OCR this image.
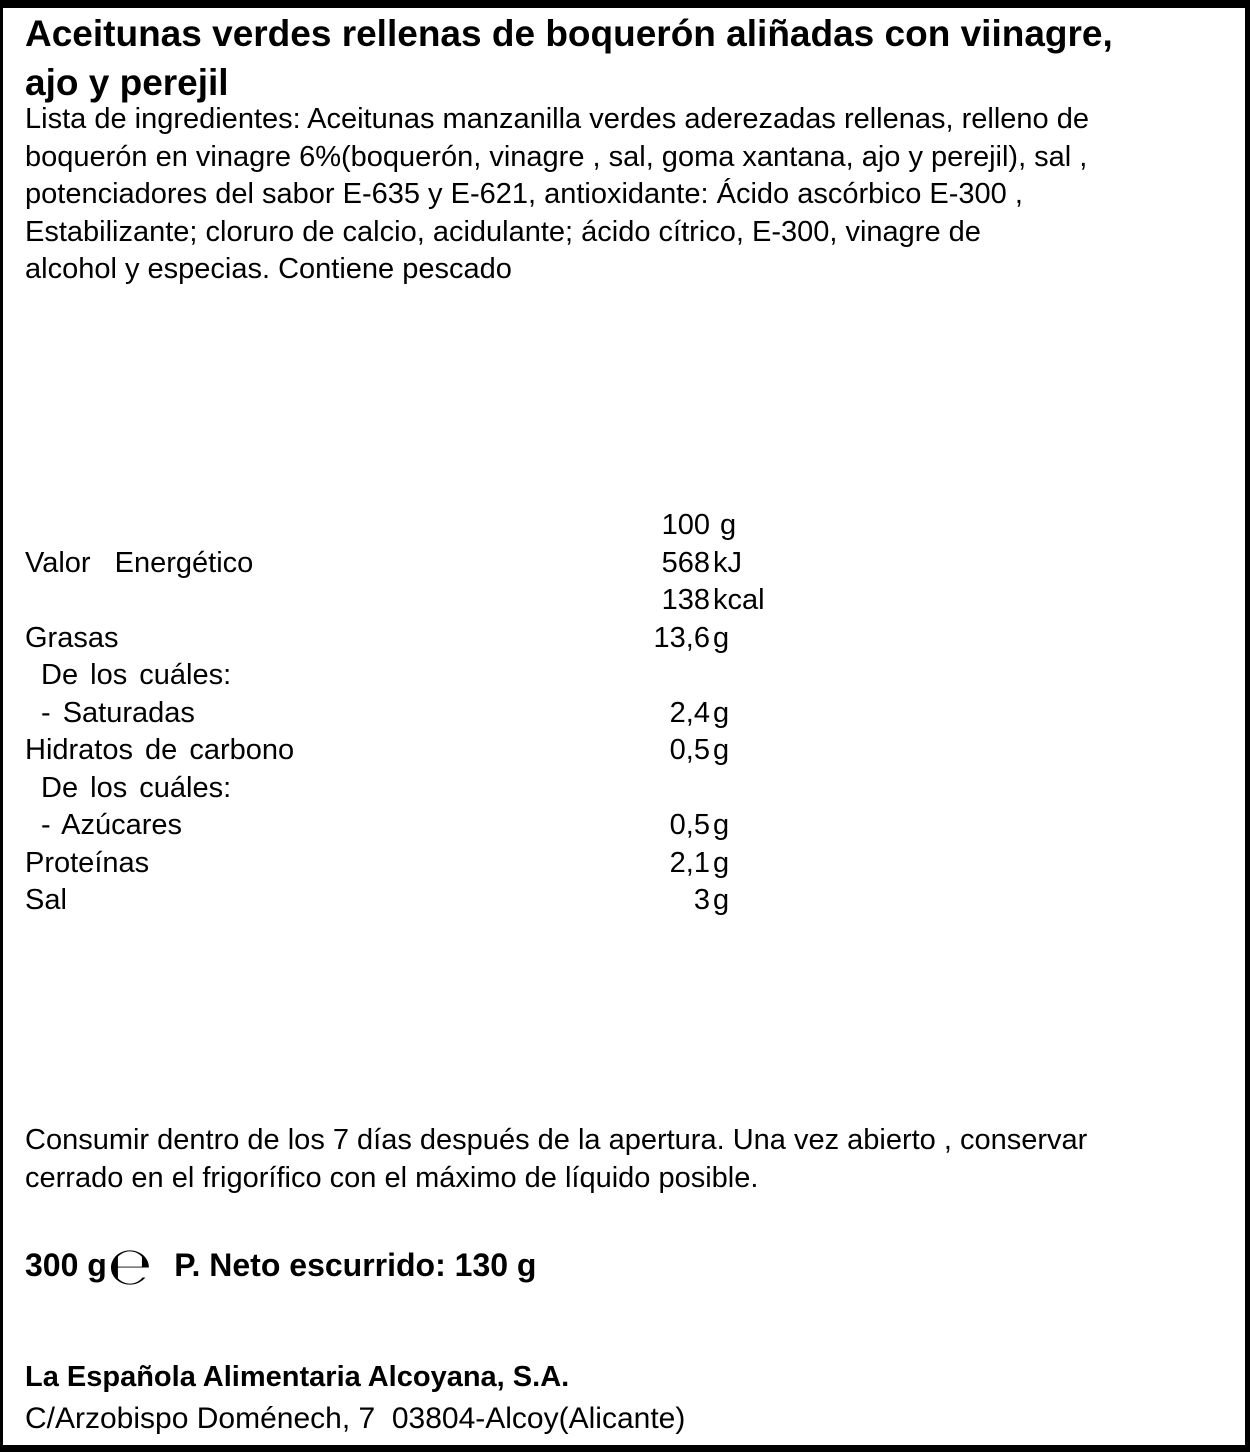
Aceitunas verdes rellenas de boquerón aliñadas con viinagre,
ajo y perejil
Lista de ingredientes: Aceitunas manzanilla verdes aderezadas rellenas, relleno de
boquerón en vinagre 6%(boquerón, vinagre , sal, goma xantana, ajo y perejil), sal ,
potenciadores del sabor E-635 y E-621, antioxidante: Ácido ascórbico E-300 ,
Estabilizante; cloruro de calcio, acidulante; ácido cítrico, E-300, vinagre de
alcohol y especias. Contiene pescado
100 g
Valor  Energético	568 kJ
138 kcal
Grasas	13,6 g
De los cuáles:
- Saturadas	2,4 g
Hidratos de carbono	0,5 g
De los cuáles:
- Azúcares	0,5 g
Proteínas	2,1 g
Sal	3 g
Consumir dentro de los 7 días después de la apertura. Una vez abierto , conservar
cerrado en el frigorífico con el máximo de líquido posible.
300 g℮ P. Neto escurrido: 130 g
La Española Alimentaria Alcoyana, S.A.
C/Arzobispo Doménech, 7  03804-Alcoy(Alicante)
